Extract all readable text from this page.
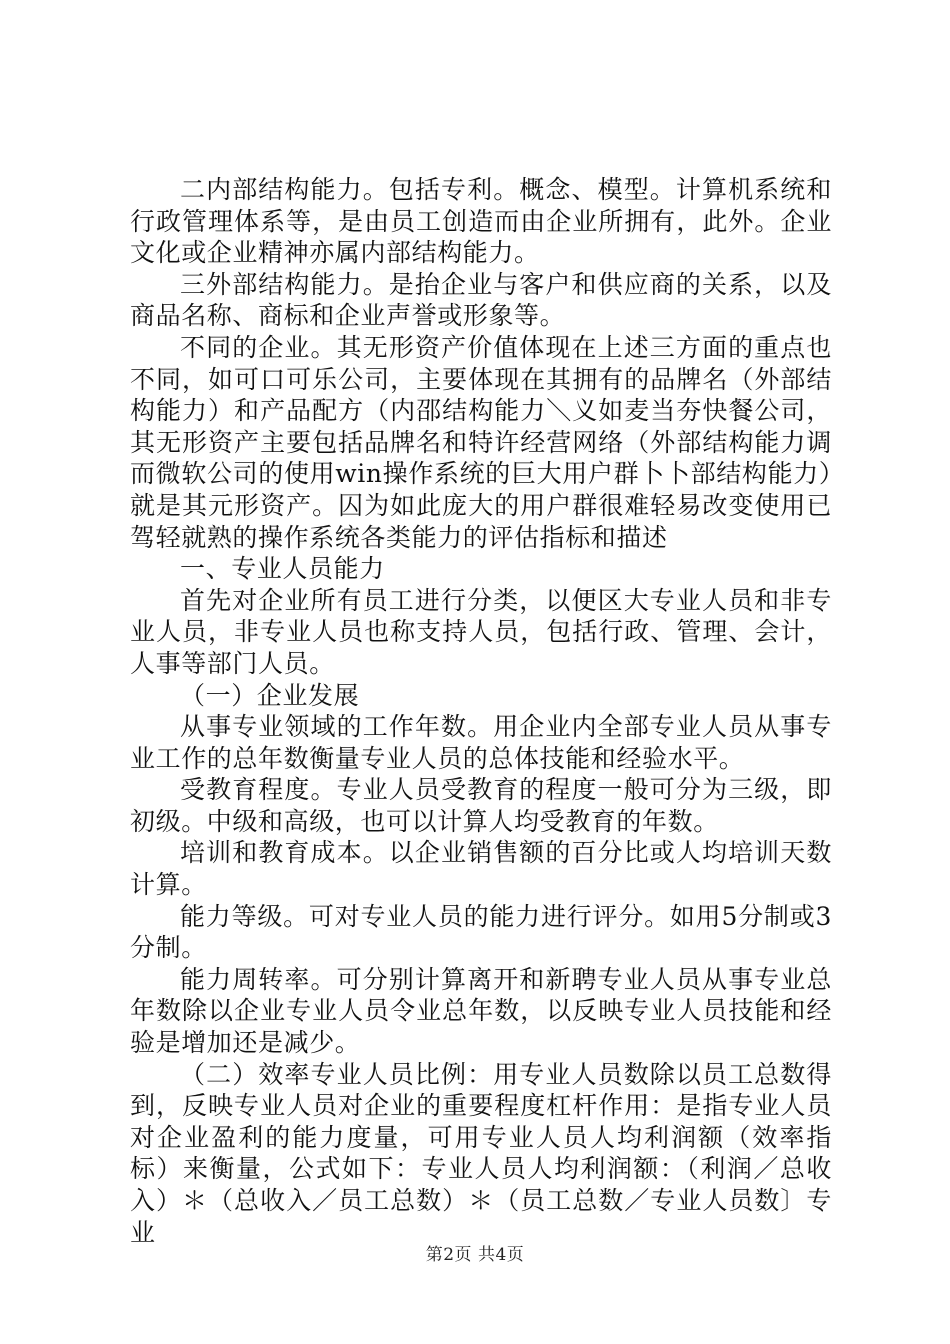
二内部结构能力。包括专利。概念、模型。计算机系统和行政管理体系等，是由员工创造而由企业所拥有，此外。企业文化或企业精神亦属内部结构能力。

三外部结构能力。是抬企业与客户和供应商的关系，以及商品名称、商标和企业声誉或形象等。

不同的企业。其无形资产价值体现在上述三方面的重点也不同，如可口可乐公司，主要体现在其拥有的品牌名（外部结构能力）和产品配方（内邵结构能力＼义如麦当夯快餐公司，其无形资产主要包括品牌名和特许经营网络（外部结构能力调而微软公司的使用win操作系统的巨大用户群卜卜部结构能力）就是其元形资产。囚为如此庞大的用户群很难轻易改变使用已驾轻就熟的操作系统各类能力的评估指标和描述

一、专业人员能力

首先对企业所有员工进行分类，以便区大专业人员和非专业人员，非专业人员也称支持人员，包括行政、管理、会计，人事等部门人员。

（一）企业发展

从事专业领域的工作年数。用企业内全部专业人员从事专业工作的总年数衡量专业人员的总体技能和经验水平。

受教育程度。专业人员受教育的程度一般可分为三级，即初级。中级和高级，也可以计算人均受教育的年数。

培训和教育成本。以企业销售额的百分比或人均培训天数计算。

能力等级。可对专业人员的能力进行评分。如用5分制或3分制。

能力周转率。可分别计算离开和新聘专业人员从事专业总年数除以企业专业人员令业总年数，以反映专业人员技能和经验是增加还是减少。

（二）效率专业人员比例：用专业人员数除以员工总数得到，反映专业人员对企业的重要程度杠杆作用：是指专业人员对企业盈利的能力度量，可用专业人员人均利润额（效率指标）来衡量，公式如下：专业人员人均利润额：（利润／总收入）＊（总收入／员工总数）＊（员工总数／专业人员数〕专业

第2页 共4页
